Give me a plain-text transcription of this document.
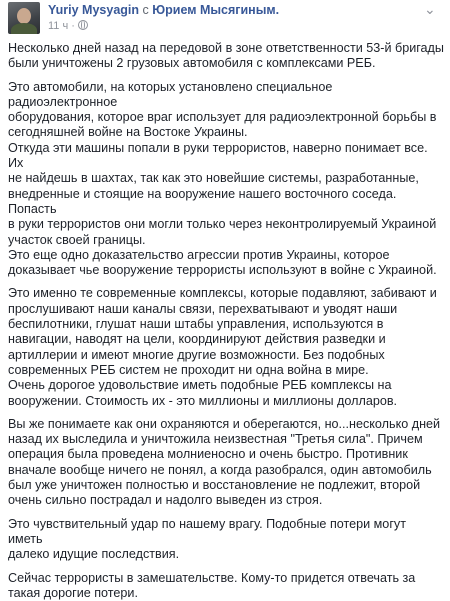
Yuriy Mysyagin с Юрием Мысягиным.
11 ч ·
⌄

Несколько дней назад на передовой в зоне ответственности 53-й бригады
были уничтожены 2 грузовых автомобиля с комплексами РЕБ.

Это автомобили, на которых установлено специальное радиоэлектронное
оборудования, которое враг использует для радиоэлектронной борьбы в
сегодняшней войне на Востоке Украины.

Откуда эти машины попали в руки террористов, наверно понимает все. Их
не найдешь в шахтах, так как это новейшие системы, разработанные,
внедренные и стоящие на вооружение нашего восточного соседа. Попасть
в руки террористов они могли только через неконтролируемый Украиной
участок своей границы.

Это еще одно доказательство агрессии против Украины, которое
доказывает чье вооружение террористы используют в войне с Украиной.

Это именно те современные комплексы, которые подавляют, забивают и
прослушивают наши каналы связи, перехватывают и уводят наши
беспилотники, глушат наши штабы управления, используются в
навигации, наводят на цели, координируют действия разведки и
артиллерии и имеют многие другие возможности. Без подобных
современных РЕБ систем не проходит ни одна война в мире.

Очень дорогое удовольствие иметь подобные РЕБ комплексы на
вооружении. Стоимость их - это миллионы и миллионы долларов.

Вы же понимаете как они охраняются и оберегаются, но...несколько дней
назад их выследила и уничтожила неизвестная "Третья сила". Причем
операция была проведена молниеносно и очень быстро. Противник
вначале вообще ничего не понял, а когда разобрался, один автомобиль
был уже уничтожен полностью и восстановление не подлежит, второй
очень сильно пострадал и надолго выведен из строя.

Это чувствительный удар по нашему врагу. Подобные потери могут иметь
далеко идущие последствия.

Сейчас террористы в замешательстве. Кому-то придется отвечать за
такая дорогие потери.
